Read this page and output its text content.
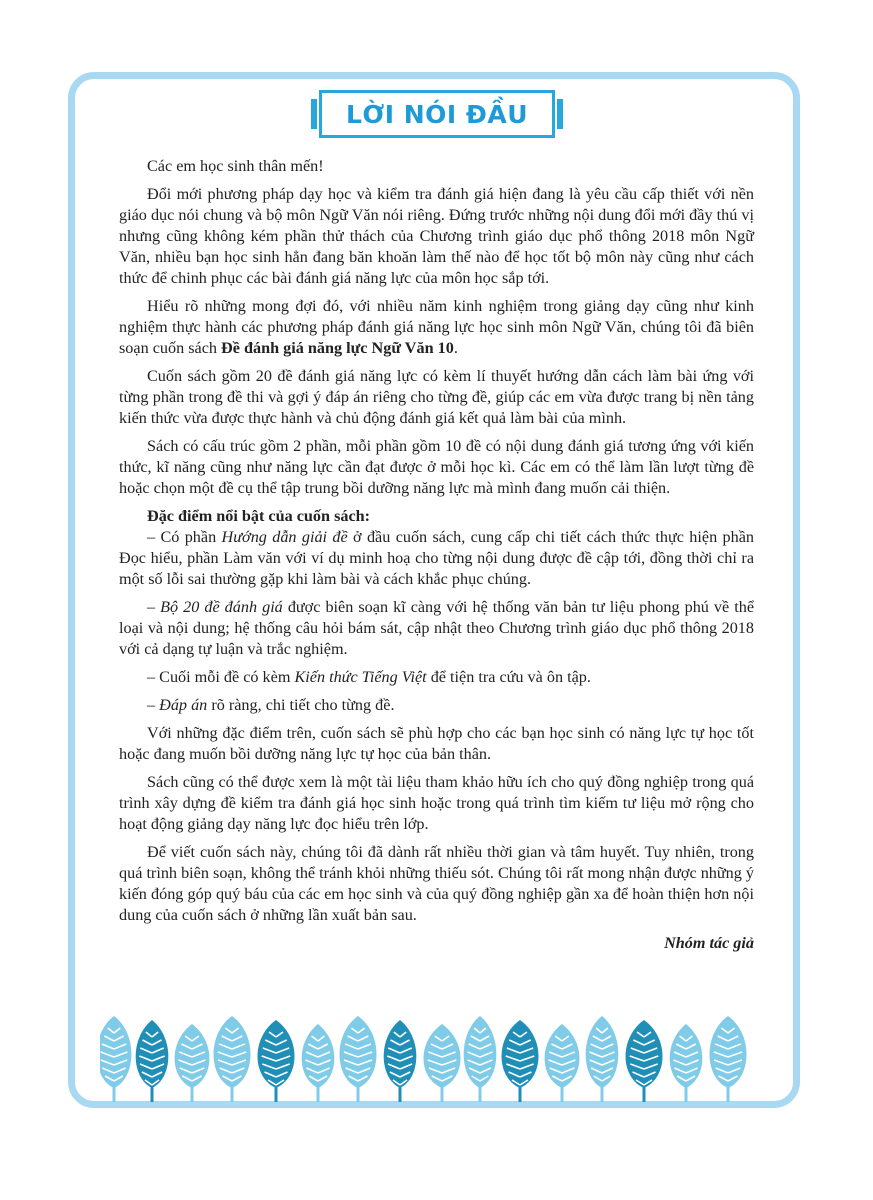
LỜI NÓI ĐẦU

Các em học sinh thân mến!

Đổi mới phương pháp dạy học và kiểm tra đánh giá hiện đang là yêu cầu cấp thiết với nền giáo dục nói chung và bộ môn Ngữ Văn nói riêng. Đứng trước những nội dung đổi mới đầy thú vị nhưng cũng không kém phần thử thách của Chương trình giáo dục phổ thông 2018 môn Ngữ Văn, nhiều bạn học sinh hẳn đang băn khoăn làm thế nào để học tốt bộ môn này cũng như cách thức để chinh phục các bài đánh giá năng lực của môn học sắp tới.

Hiểu rõ những mong đợi đó, với nhiều năm kinh nghiệm trong giảng dạy cũng như kinh nghiệm thực hành các phương pháp đánh giá năng lực học sinh môn Ngữ Văn, chúng tôi đã biên soạn cuốn sách Đề đánh giá năng lực Ngữ Văn 10.

Cuốn sách gồm 20 đề đánh giá năng lực có kèm lí thuyết hướng dẫn cách làm bài ứng với từng phần trong đề thi và gợi ý đáp án riêng cho từng đề, giúp các em vừa được trang bị nền tảng kiến thức vừa được thực hành và chủ động đánh giá kết quả làm bài của mình.

Sách có cấu trúc gồm 2 phần, mỗi phần gồm 10 đề có nội dung đánh giá tương ứng với kiến thức, kĩ năng cũng như năng lực cần đạt được ở mỗi học kì. Các em có thể làm lần lượt từng đề hoặc chọn một đề cụ thể tập trung bồi dưỡng năng lực mà mình đang muốn cải thiện.

Đặc điểm nổi bật của cuốn sách:

– Có phần Hướng dẫn giải đề ở đầu cuốn sách, cung cấp chi tiết cách thức thực hiện phần Đọc hiểu, phần Làm văn với ví dụ minh hoạ cho từng nội dung được đề cập tới, đồng thời chỉ ra một số lỗi sai thường gặp khi làm bài và cách khắc phục chúng.

– Bộ 20 đề đánh giá được biên soạn kĩ càng với hệ thống văn bản tư liệu phong phú về thể loại và nội dung; hệ thống câu hỏi bám sát, cập nhật theo Chương trình giáo dục phổ thông 2018 với cả dạng tự luận và trắc nghiệm.

– Cuối mỗi đề có kèm Kiến thức Tiếng Việt để tiện tra cứu và ôn tập.

– Đáp án rõ ràng, chi tiết cho từng đề.

Với những đặc điểm trên, cuốn sách sẽ phù hợp cho các bạn học sinh có năng lực tự học tốt hoặc đang muốn bồi dưỡng năng lực tự học của bản thân.

Sách cũng có thể được xem là một tài liệu tham khảo hữu ích cho quý đồng nghiệp trong quá trình xây dựng đề kiểm tra đánh giá học sinh hoặc trong quá trình tìm kiếm tư liệu mở rộng cho hoạt động giảng dạy năng lực đọc hiểu trên lớp.

Để viết cuốn sách này, chúng tôi đã dành rất nhiều thời gian và tâm huyết. Tuy nhiên, trong quá trình biên soạn, không thể tránh khỏi những thiếu sót. Chúng tôi rất mong nhận được những ý kiến đóng góp quý báu của các em học sinh và của quý đồng nghiệp gần xa để hoàn thiện hơn nội dung của cuốn sách ở những lần xuất bản sau.

Nhóm tác giả
